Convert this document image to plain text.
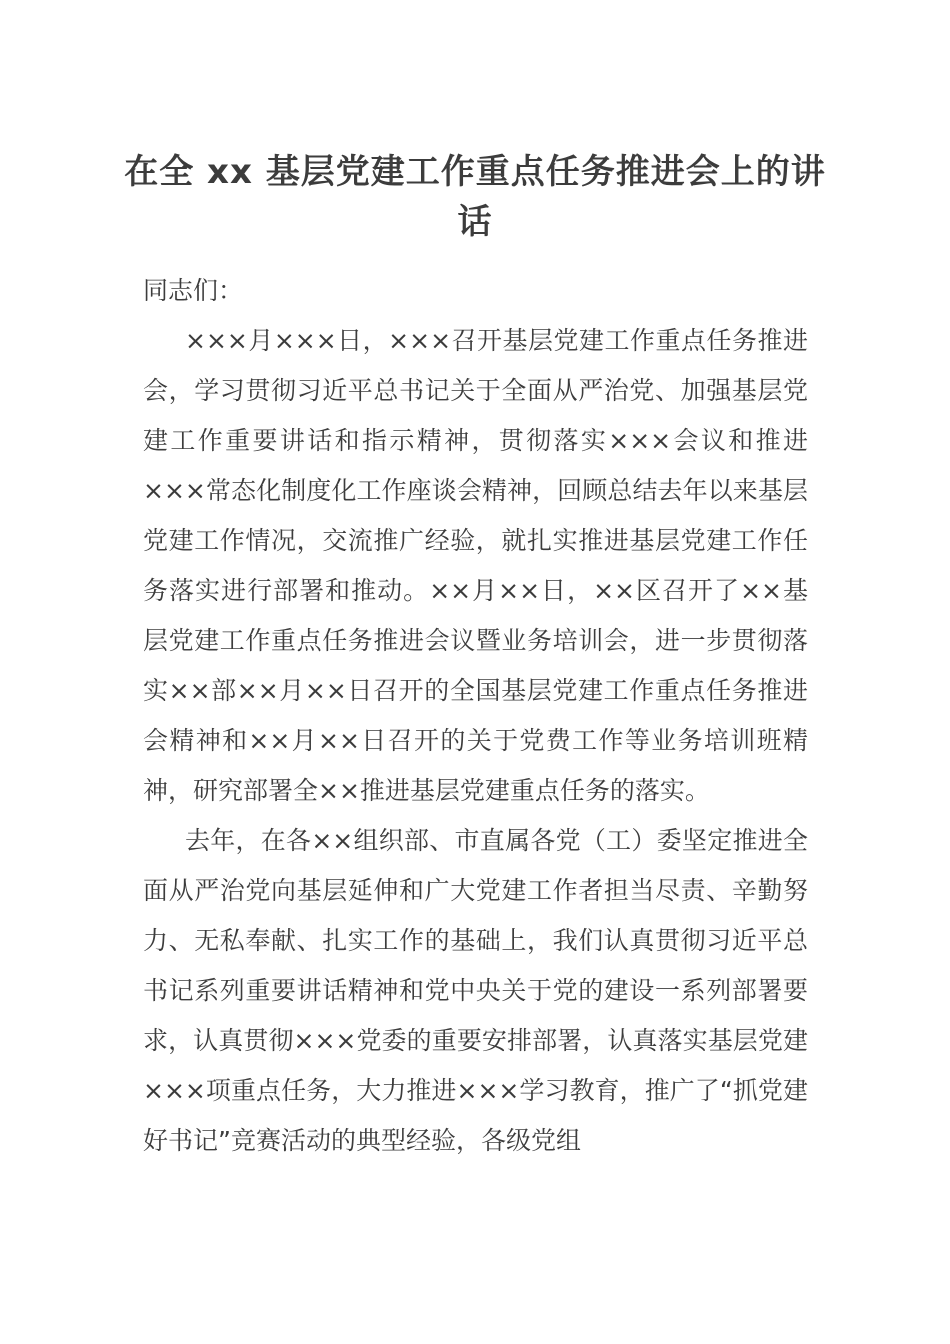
在全 xx 基层党建工作重点任务推进会上的讲话

同志们：

×××月×××日，×××召开基层党建工作重点任务推进会，学习贯彻习近平总书记关于全面从严治党、加强基层党建工作重要讲话和指示精神，贯彻落实×××会议和推进×××常态化制度化工作座谈会精神，回顾总结去年以来基层党建工作情况，交流推广经验，就扎实推进基层党建工作任务落实进行部署和推动。××月××日，××区召开了××基层党建工作重点任务推进会议暨业务培训会，进一步贯彻落实××部××月××日召开的全国基层党建工作重点任务推进会精神和××月××日召开的关于党费工作等业务培训班精神，研究部署全××推进基层党建重点任务的落实。

去年，在各××组织部、市直属各党（工）委坚定推进全面从严治党向基层延伸和广大党建工作者担当尽责、辛勤努力、无私奉献、扎实工作的基础上，我们认真贯彻习近平总书记系列重要讲话精神和党中央关于党的建设一系列部署要求，认真贯彻×××党委的重要安排部署，认真落实基层党建×××项重点任务，大力推进×××学习教育，推广了“抓党建好书记”竞赛活动的典型经验，各级党组
